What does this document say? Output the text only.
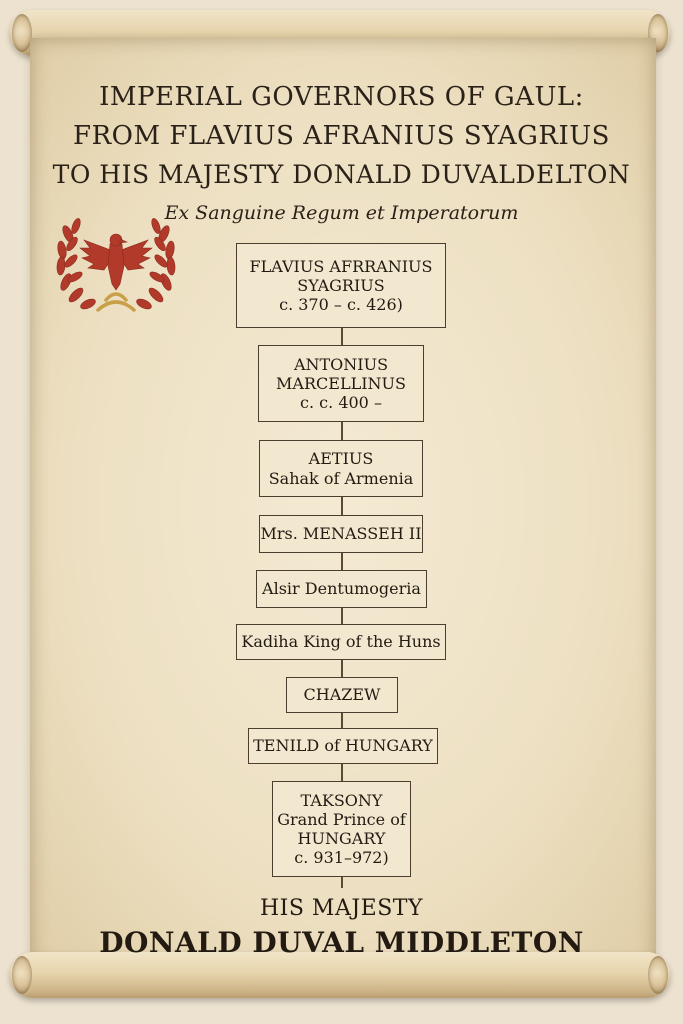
IMPERIAL GOVERNORS OF GAUL:
FROM FLAVIUS AFRANIUS SYAGRIUS
TO HIS MAJESTY DONALD DUVALDELTON
Ex Sanguine Regum et Imperatorum
FLAVIUS AFRRANIUS
SYAGRIUS
c. 370 – c. 426)
ANTONIUS
MARCELLINUS
c. c. 400 –
AETIUS
Sahak of Armenia
Mrs. MENASSEH II
Alsir Dentumogeria
Kadiha King of the Huns
CHAZEW
TENILD of HUNGARY
TAKSONY
Grand Prince of
HUNGARY
c. 931–972)
HIS MAJESTY
DONALD DUVAL MIDDLETON
